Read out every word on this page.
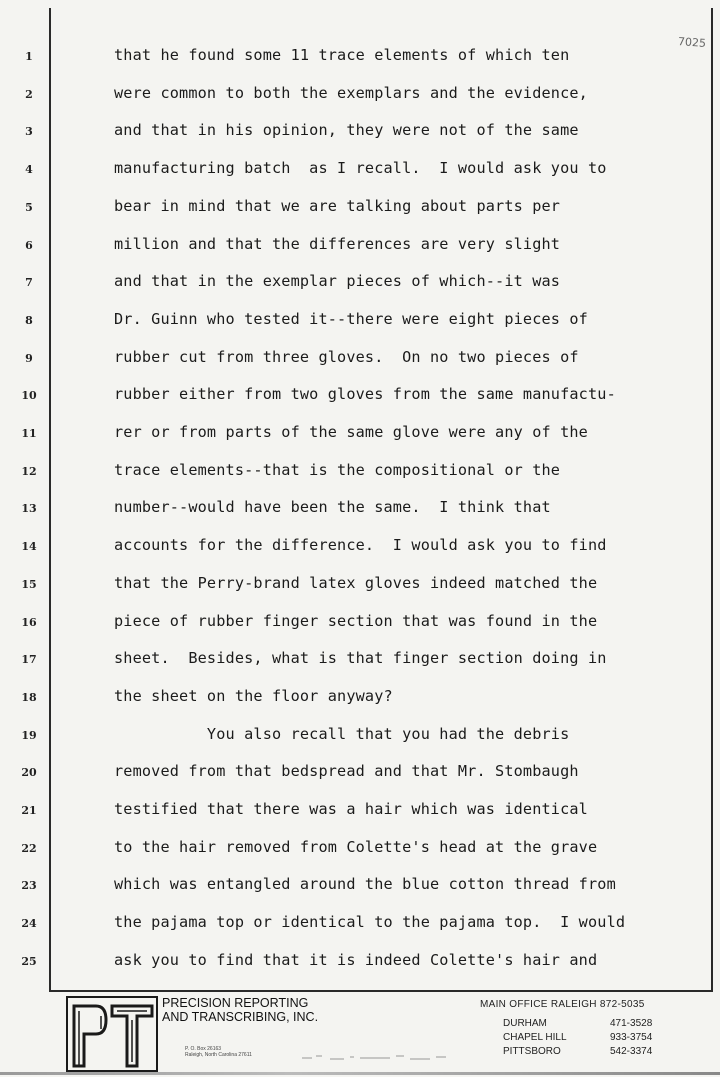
7025
1	that he found some 11 trace elements of which ten
2	were common to both the exemplars and the evidence,
3	and that in his opinion, they were not of the same
4	manufacturing batch  as I recall.  I would ask you to
5	bear in mind that we are talking about parts per
6	million and that the differences are very slight
7	and that in the exemplar pieces of which--it was
8	Dr. Guinn who tested it--there were eight pieces of
9	rubber cut from three gloves.  On no two pieces of
10	rubber either from two gloves from the same manufactu-
11	rer or from parts of the same glove were any of the
12	trace elements--that is the compositional or the
13	number--would have been the same.  I think that
14	accounts for the difference.  I would ask you to find
15	that the Perry-brand latex gloves indeed matched the
16	piece of rubber finger section that was found in the
17	sheet.  Besides, what is that finger section doing in
18	the sheet on the floor anyway?
19	You also recall that you had the debris
20	removed from that bedspread and that Mr. Stombaugh
21	testified that there was a hair which was identical
22	to the hair removed from Colette's head at the grave
23	which was entangled around the blue cotton thread from
24	the pajama top or identical to the pajama top.  I would
25	ask you to find that it is indeed Colette's hair and
PRECISION REPORTING
AND TRANSCRIBING, INC.
P. O. Box 26163
Raleigh, North Carolina 27611
MAIN OFFICE RALEIGH 872-5035
DURHAM	471-3528
CHAPEL HILL	933-3754
PITTSBORO	542-3374
